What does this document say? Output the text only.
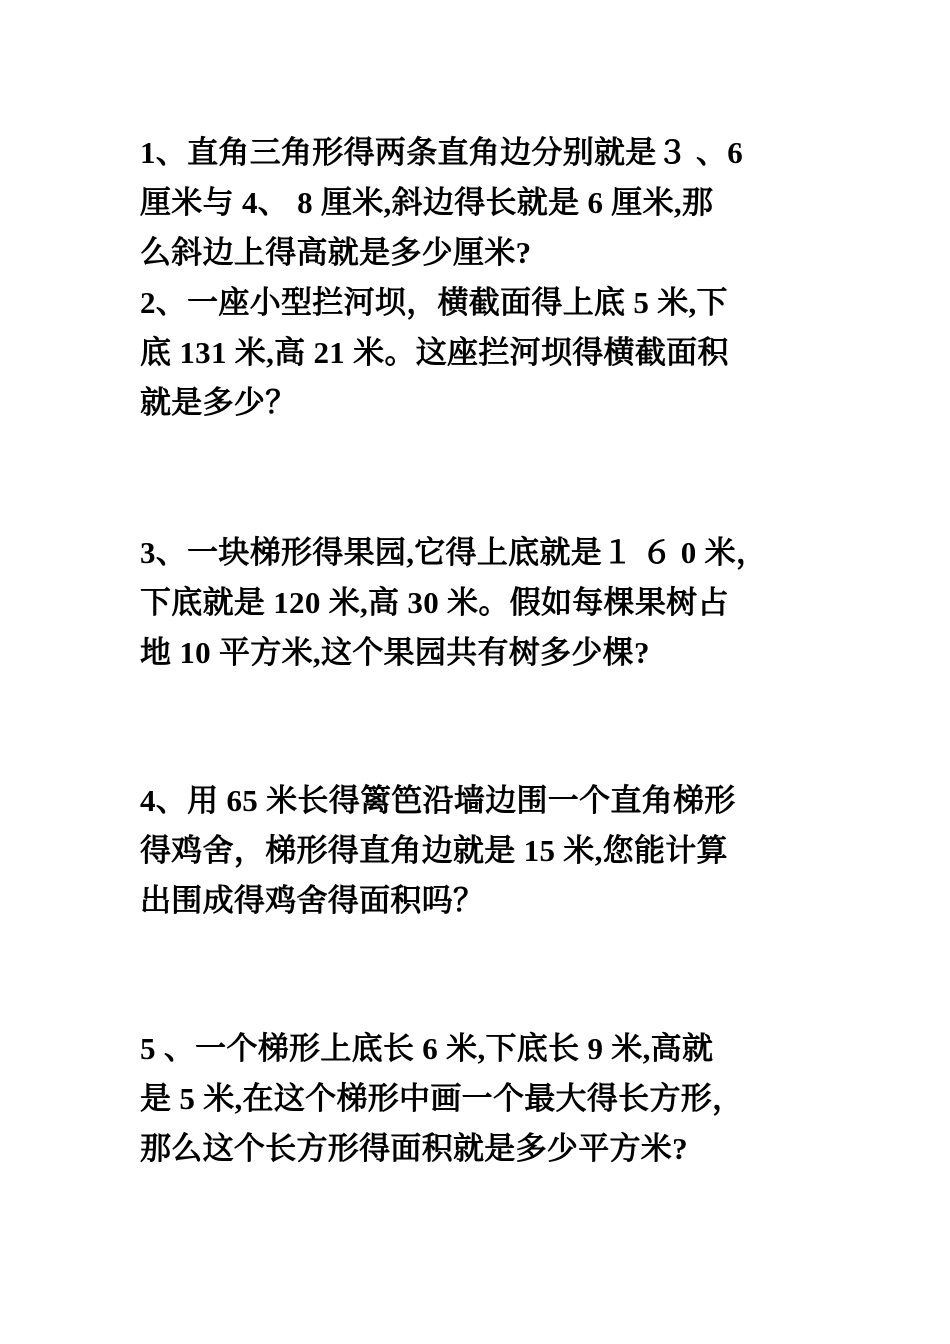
1、直角三角形得两条直角边分别就是３ 、6
厘米与 4、 8 厘米,斜边得长就是 6 厘米,那
么斜边上得高就是多少厘米?
2、一座小型拦河坝，横截面得上底 5 米,下
底 131 米,高 21 米。这座拦河坝得横截面积
就是多少？
3、一块梯形得果园,它得上底就是１ ６ 0 米，
下底就是 120 米,高 30 米。假如每棵果树占
地 10 平方米,这个果园共有树多少棵?
4、用 65 米长得篱笆沿墙边围一个直角梯形
得鸡舍，梯形得直角边就是 15 米,您能计算
出围成得鸡舍得面积吗？
5 、一个梯形上底长 6 米,下底长 9 米,高就
是 5 米,在这个梯形中画一个最大得长方形，
那么这个长方形得面积就是多少平方米?
